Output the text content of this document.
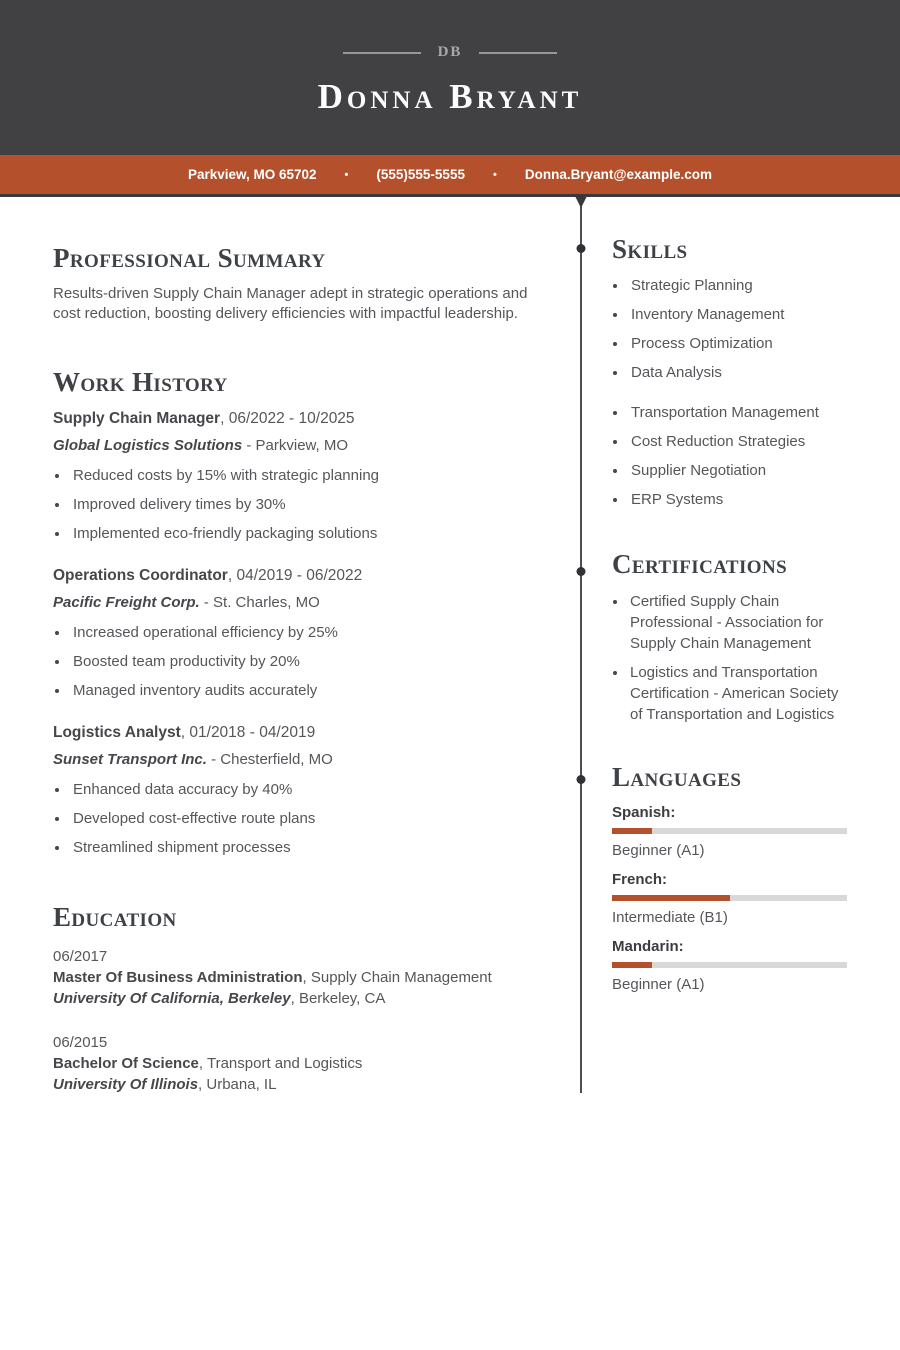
DB
Donna Bryant
Parkview, MO 65702	• (555)555-5555	• Donna.Bryant@example.com
Professional Summary

Results-driven Supply Chain Manager adept in strategic operations and cost reduction, boosting delivery efficiencies with impactful leadership.

Work History
Supply Chain Manager, 06/2022 - 10/2025
Global Logistics Solutions - Parkview, MO
• Reduced costs by 15% with strategic planning
• Improved delivery times by 30%
• Implemented eco-friendly packaging solutions
Operations Coordinator, 04/2019 - 06/2022
Pacific Freight Corp. - St. Charles, MO
• Increased operational efficiency by 25%
• Boosted team productivity by 20%
• Managed inventory audits accurately
Logistics Analyst, 01/2018 - 04/2019
Sunset Transport Inc. - Chesterfield, MO
• Enhanced data accuracy by 40%
• Developed cost-effective route plans
• Streamlined shipment processes
Education
06/2017
Master Of Business Administration, Supply Chain Management
University Of California, Berkeley, Berkeley, CA
06/2015
Bachelor Of Science, Transport and Logistics
University Of Illinois, Urbana, IL
Skills
• Strategic Planning
• Inventory Management
• Process Optimization
• Data Analysis
• Transportation Management
• Cost Reduction Strategies
• Supplier Negotiation
• ERP Systems
Certifications
• Certified Supply Chain Professional - Association for Supply Chain Management
• Logistics and Transportation Certification - American Society of Transportation and Logistics
Languages
Spanish:
Beginner (A1)
French:
Intermediate (B1)
Mandarin:
Beginner (A1)
